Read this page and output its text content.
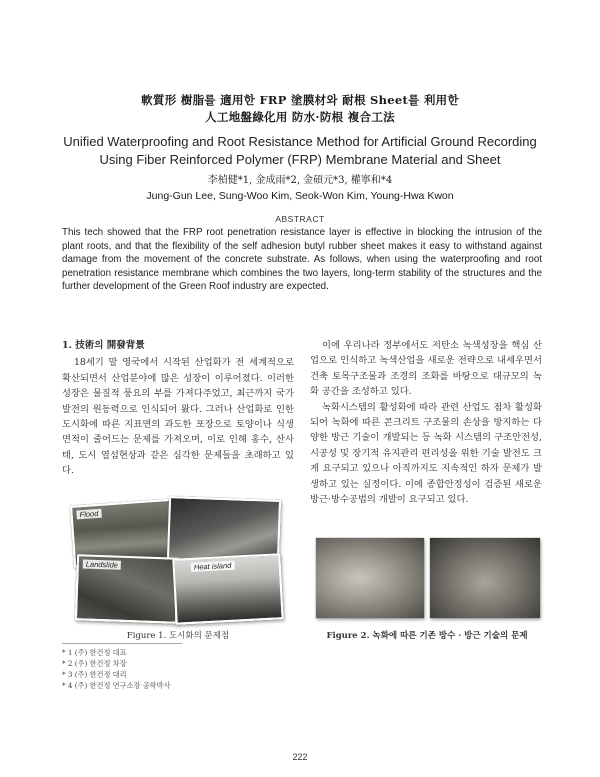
軟質形 樹脂를 適用한 FRP 塗膜材와 耐根 Sheet를 利用한
人工地盤綠化用 防水·防根 複合工法
Unified Waterproofing and Root Resistance Method for Artificial Ground Recording
Using Fiber Reinforced Polymer (FRP) Membrane Material and Sheet
李楨健*1, 金成雨*2, 金碩元*3, 權寧和*4
Jung-Gun Lee, Sung-Woo Kim, Seok-Won Kim, Young-Hwa Kwon
ABSTRACT
This tech showed that the FRP root penetration resistance layer is effective in blocking the intrusion of the plant roots, and that the flexibility of the self adhesion butyl rubber sheet makes it easy to withstand against damage from the movement of the concrete substrate. As follows, when using the waterproofing and root penetration resistance membrane which combines the two layers, long-term stability of the structures and the further development of the Green Roof industry are expected.

1. 技術의 開發背景

18세기 말 영국에서 시작된 산업화가 전 세계적으로 확산되면서 산업분야에 많은 성장이 이루어졌다. 이러한 성장은 물질적 풍요의 부를 가져다주었고, 최근까지 국가발전의 원동력으로 인식되어 왔다. 그러나 산업화로 인한 도시화에 따른 지표면의 과도한 포장으로 토양이나 식생 면적이 줄어드는 문제를 가져오며, 이로 인해 홍수, 산사태, 도시 열섬현상과 같은 심각한 문제들을 초래하고 있다.

이에 우리나라 정부에서도 저탄소 녹색성장을 핵심 산업으로 인식하고 녹색산업을 새로운 전략으로 내세우면서 건축 토목구조물과 조경의 조화를 바탕으로 대규모의 녹화 공간을 조성하고 있다.

녹화시스템의 활성화에 따라 관련 산업도 점차 활성화 되어 녹화에 따른 콘크리트 구조물의 손상을 방지하는 다양한 방근 기술이 개발되는 등 녹화 시스템의 구조안전성, 시공성 및 장기적 유지관리 편리성을 위한 기술 발전도 크게 요구되고 있으나 아직까지도 지속적인 하자 문제가 발생하고 있는 실정이다. 이에 종합안정성이 검증된 새로운 방근·방수공법의 개발이 요구되고 있다.

Flood
Landslide	Heat island
Figure 1. 도시화의 문제점	Figure 2. 녹화에 따른 기존 방수 · 방근 기술의 문제
* 1 (주) 한건정 대표
* 2 (주) 한건정 차장
* 3 (주) 한건정 대리
* 4 (주) 한건정 연구소장 공학박사
222
